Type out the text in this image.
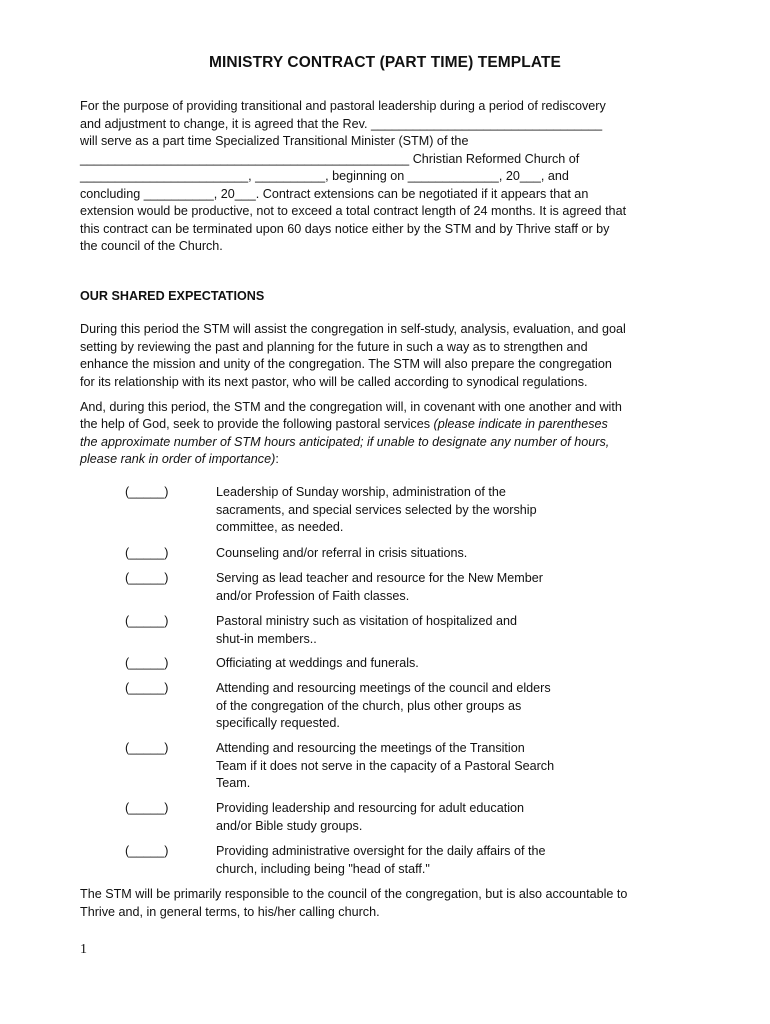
MINISTRY CONTRACT (PART TIME) TEMPLATE
For the purpose of providing transitional and pastoral leadership during a period of rediscovery
and adjustment to change, it is agreed that the Rev. _________________________________
will serve as a part time Specialized Transitional Minister (STM) of the
_______________________________________________ Christian Reformed Church of
________________________, __________, beginning on _____________, 20___, and
concluding __________, 20___. Contract extensions can be negotiated if it appears that an
extension would be productive, not to exceed a total contract length of 24 months. It is agreed that
this contract can be terminated upon 60 days notice either by the STM and by Thrive staff or by
the council of the Church.
OUR SHARED EXPECTATIONS
During this period the STM will assist the congregation in self-study, analysis, evaluation, and goal
setting by reviewing the past and planning for the future in such a way as to strengthen and
enhance the mission and unity of the congregation. The STM will also prepare the congregation
for its relationship with its next pastor, who will be called according to synodical regulations.
And, during this period, the STM and the congregation will, in covenant with one another and with
the help of God, seek to provide the following pastoral services (please indicate in parentheses
the approximate number of STM hours anticipated; if unable to designate any number of hours,
please rank in order of importance):
(_____)	Leadership of Sunday worship, administration of the
sacraments, and special services selected by the worship
committee, as needed.
(_____)	Counseling and/or referral in crisis situations.
(_____)	Serving as lead teacher and resource for the New Member
and/or Profession of Faith classes.
(_____)	Pastoral ministry such as visitation of hospitalized and
shut-in members..
(_____)	Officiating at weddings and funerals.
(_____)	Attending and resourcing meetings of the council and elders
of the congregation of the church, plus other groups as
specifically requested.
(_____)	Attending and resourcing the meetings of the Transition
Team if it does not serve in the capacity of a Pastoral Search
Team.
(_____)	Providing leadership and resourcing for adult education
and/or Bible study groups.
(_____)	Providing administrative oversight for the daily affairs of the
church, including being "head of staff."
The STM will be primarily responsible to the council of the congregation, but is also accountable to
Thrive and, in general terms, to his/her calling church.
1
